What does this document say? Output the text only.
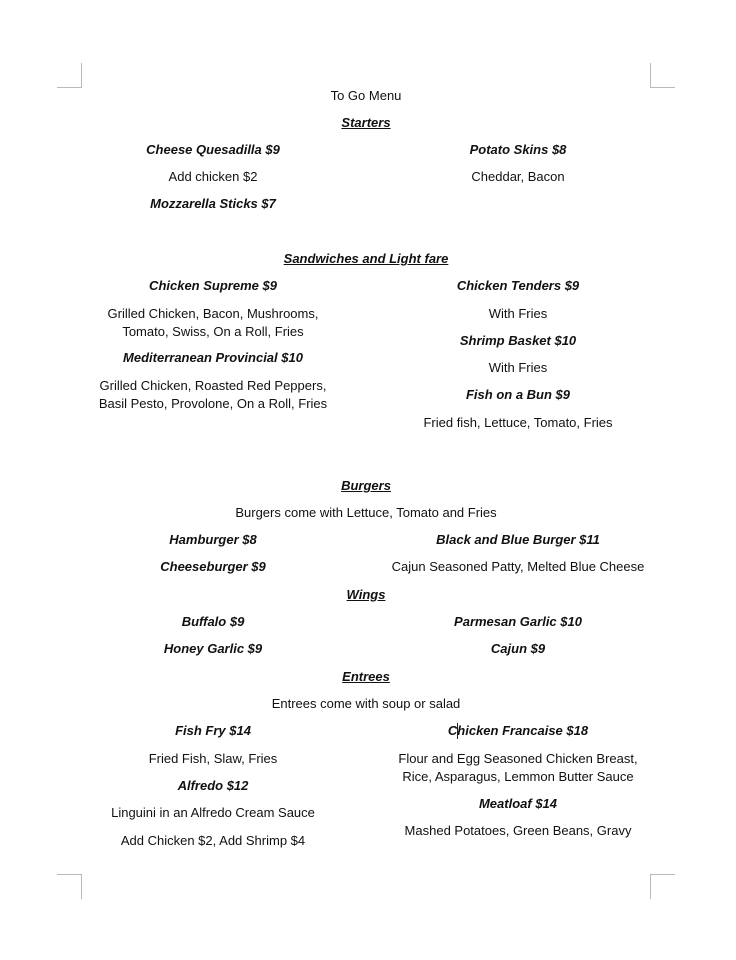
To Go Menu
Starters
Cheese Quesadilla $9
Add chicken $2
Mozzarella Sticks $7
Potato Skins $8
Cheddar, Bacon
Sandwiches and Light fare
Chicken Supreme $9
Grilled Chicken, Bacon, Mushrooms, Tomato, Swiss, On a Roll, Fries
Mediterranean Provincial $10
Grilled Chicken, Roasted Red Peppers, Basil Pesto, Provolone, On a Roll, Fries
Chicken Tenders $9
With Fries
Shrimp Basket $10
With Fries
Fish on a Bun $9
Fried fish, Lettuce, Tomato, Fries
Burgers
Burgers come with Lettuce, Tomato and Fries
Hamburger $8
Cheeseburger $9
Black and Blue Burger $11
Cajun Seasoned Patty, Melted Blue Cheese
Wings
Buffalo $9
Honey Garlic $9
Parmesan Garlic $10
Cajun $9
Entrees
Entrees come with soup or salad
Fish Fry $14
Fried Fish, Slaw, Fries
Alfredo $12
Linguini in an Alfredo Cream Sauce
Add Chicken $2, Add Shrimp $4
Chicken Francaise $18
Flour and Egg Seasoned Chicken Breast, Rice, Asparagus, Lemmon Butter Sauce
Meatloaf $14
Mashed Potatoes, Green Beans, Gravy
